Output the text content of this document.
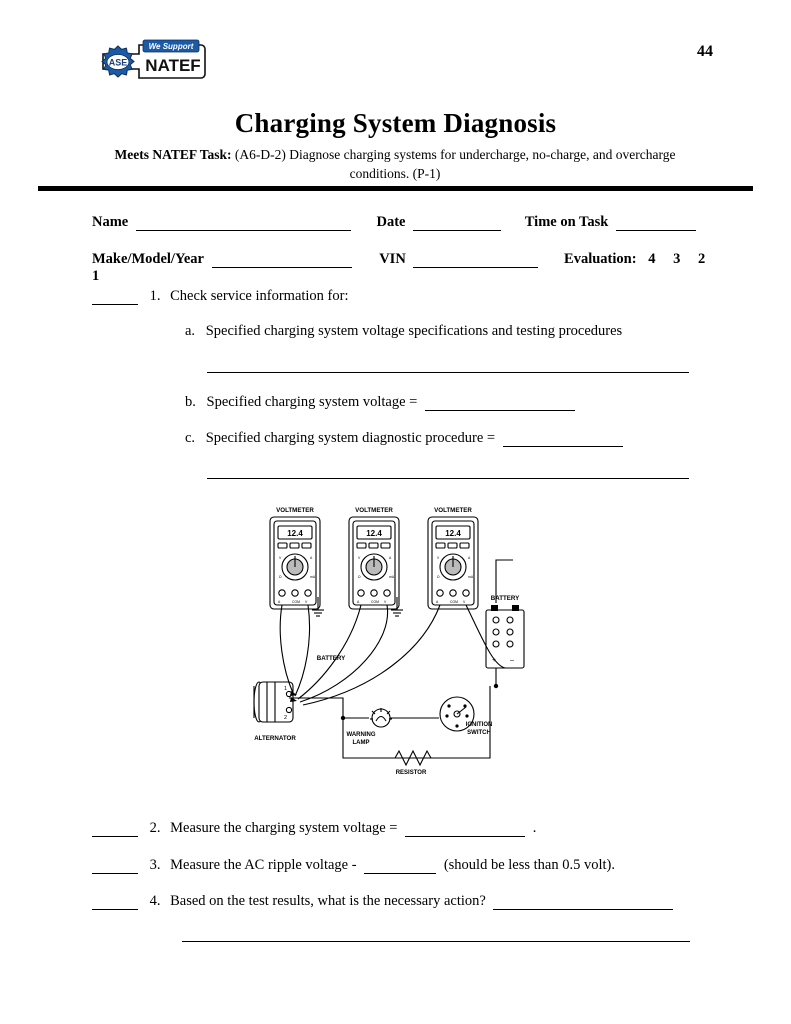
44
ASE
We Support
NATEF
Charging System Diagnosis
Meets NATEF Task: (A6-D-2) Diagnose charging systems for undercharge, no-charge, and overcharge conditions. (P-1)
Name	Date	Time on Task
Make/Model/Year	VIN	Evaluation: 4 3 2 1
1. Check service information for:
a. Specified charging system voltage specifications and testing procedures
b. Specified charging system voltage =
c. Specified charging system diagnostic procedure =
VOLTMETER
12.4
V	A
Ω	mA
A	COM V
VOLTMETER
12.4
V	A
Ω	mA
A	COM V
VOLTMETER
12.4
V	A
Ω	mA
A	COM V
+ –
BATTERY
1
2
ALTERNATOR
BATTERY
WARNING
LAMP
IGNITION
SWITCH
RESISTOR
2. Measure the charging system voltage =	.
3. Measure the AC ripple voltage -	(should be less than 0.5 volt).
4. Based on the test results, what is the necessary action?
